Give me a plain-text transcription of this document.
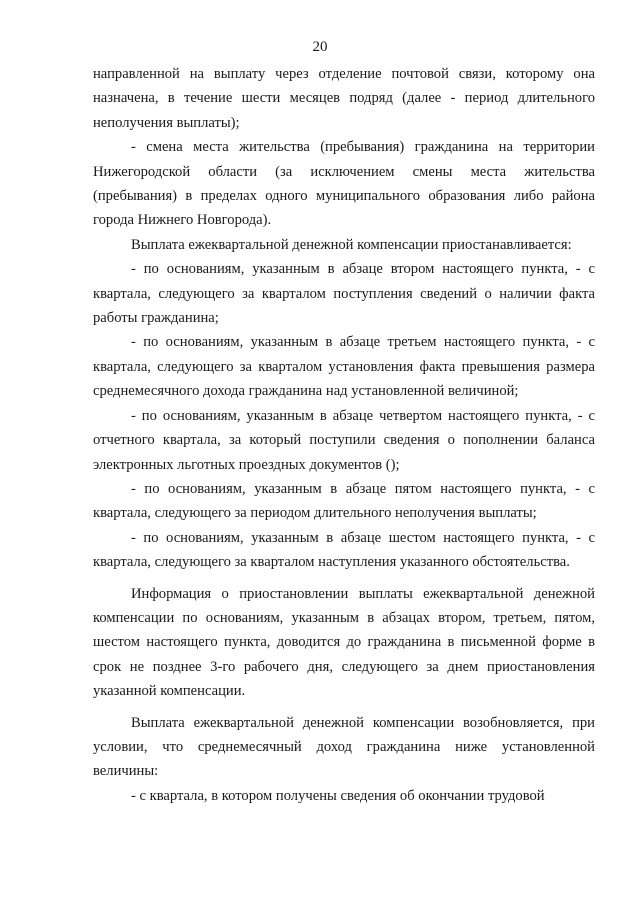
20

направленной на выплату через отделение почтовой связи, которому она назначена, в течение шести месяцев подряд (далее - период длительного неполучения выплаты);

- смена места жительства (пребывания) гражданина на территории Нижегородской области (за исключением смены места жительства (пребывания) в пределах одного муниципального образования либо района города Нижнего Новгорода).

Выплата ежеквартальной денежной компенсации приостанавливается:

- по основаниям, указанным в абзаце втором настоящего пункта, - с квартала, следующего за кварталом поступления сведений о наличии факта работы гражданина;

- по основаниям, указанным в абзаце третьем настоящего пункта, - с квартала, следующего за кварталом установления факта превышения размера среднемесячного дохода гражданина над установленной величиной;

- по основаниям, указанным в абзаце четвертом настоящего пункта, - с отчетного квартала, за который поступили сведения о пополнении баланса электронных льготных проездных документов ();

- по основаниям, указанным в абзаце пятом настоящего пункта, - с квартала, следующего за периодом длительного неполучения выплаты;

- по основаниям, указанным в абзаце шестом настоящего пункта, - с квартала, следующего за кварталом наступления указанного обстоятельства.

Информация о приостановлении выплаты ежеквартальной денежной компенсации по основаниям, указанным в абзацах втором, третьем, пятом, шестом настоящего пункта, доводится до гражданина в письменной форме в срок не позднее 3-го рабочего дня, следующего за днем приостановления указанной компенсации.

Выплата ежеквартальной денежной компенсации возобновляется, при условии, что среднемесячный доход гражданина ниже установленной величины:

- с квартала, в котором получены сведения об окончании трудовой
